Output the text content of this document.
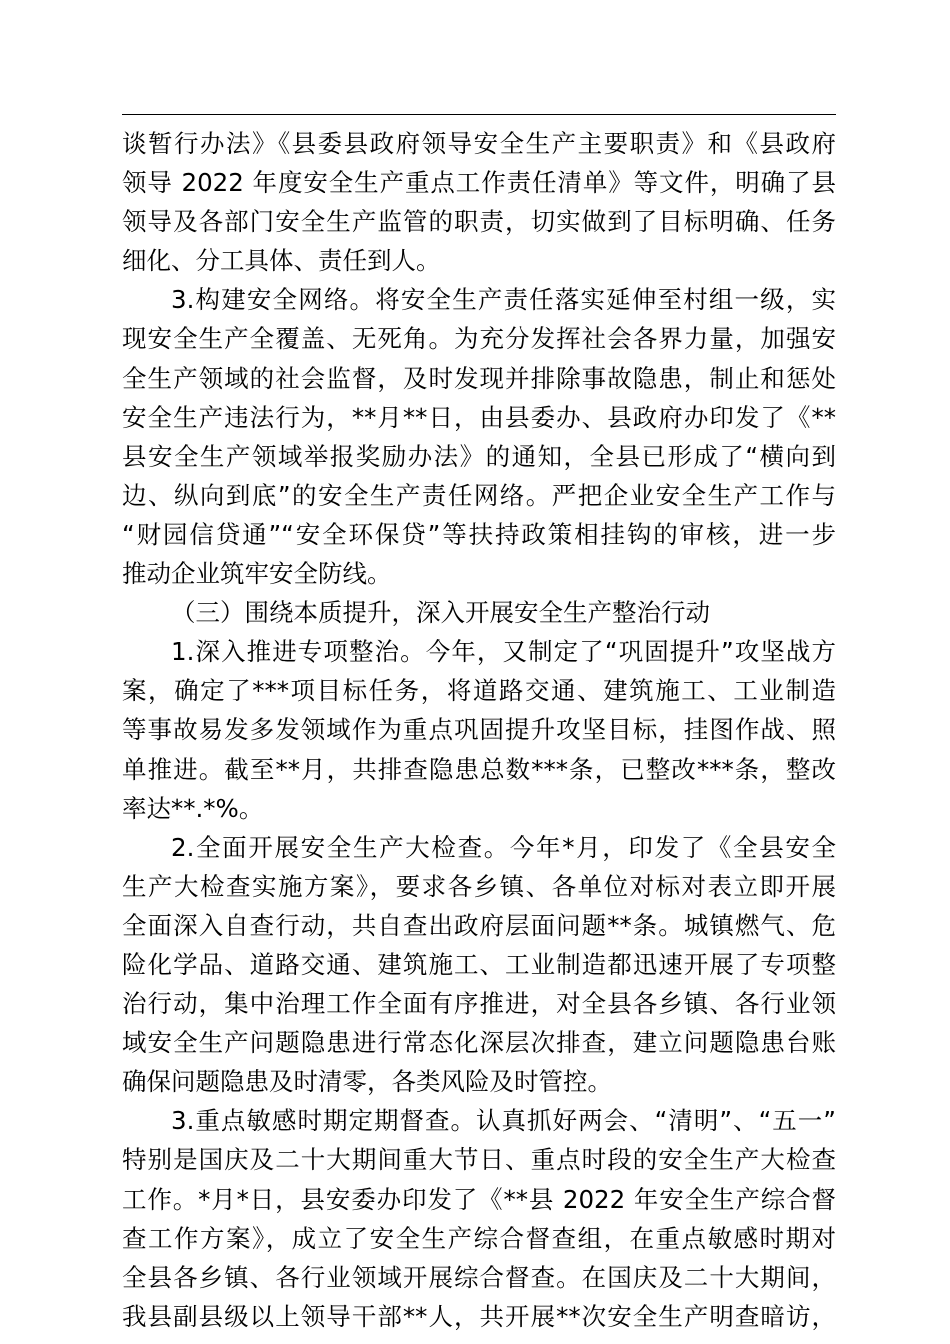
谈暂行办法》《县委县政府领导安全生产主要职责》和《县政府
领导 2022 年度安全生产重点工作责任清单》等文件，明确了县
领导及各部门安全生产监管的职责，切实做到了目标明确、任务
细化、分工具体、责任到人。
3.构建安全网络。将安全生产责任落实延伸至村组一级，实
现安全生产全覆盖、无死角。为充分发挥社会各界力量，加强安
全生产领域的社会监督，及时发现并排除事故隐患，制止和惩处
安全生产违法行为，**月**日，由县委办、县政府办印发了《**
县安全生产领域举报奖励办法》的通知，全县已形成了“横向到
边、纵向到底”的安全生产责任网络。严把企业安全生产工作与
“财园信贷通”“安全环保贷”等扶持政策相挂钩的审核，进一步
推动企业筑牢安全防线。
（三）围绕本质提升，深入开展安全生产整治行动
1.深入推进专项整治。今年，又制定了“巩固提升”攻坚战方
案，确定了***项目标任务，将道路交通、建筑施工、工业制造
等事故易发多发领域作为重点巩固提升攻坚目标，挂图作战、照
单推进。截至**月，共排查隐患总数***条，已整改***条，整改
率达**.*%。
2.全面开展安全生产大检查。今年*月，印发了《全县安全
生产大检查实施方案》，要求各乡镇、各单位对标对表立即开展
全面深入自查行动，共自查出政府层面问题**条。城镇燃气、危
险化学品、道路交通、建筑施工、工业制造都迅速开展了专项整
治行动，集中治理工作全面有序推进，对全县各乡镇、各行业领
域安全生产问题隐患进行常态化深层次排查，建立问题隐患台账
确保问题隐患及时清零，各类风险及时管控。
3.重点敏感时期定期督查。认真抓好两会、“清明”、“五一”
特别是国庆及二十大期间重大节日、重点时段的安全生产大检查
工作。*月*日，县安委办印发了《**县 2022 年安全生产综合督
查工作方案》，成立了安全生产综合督查组，在重点敏感时期对
全县各乡镇、各行业领域开展综合督查。在国庆及二十大期间，
我县副县级以上领导干部**人，共开展**次安全生产明查暗访，
